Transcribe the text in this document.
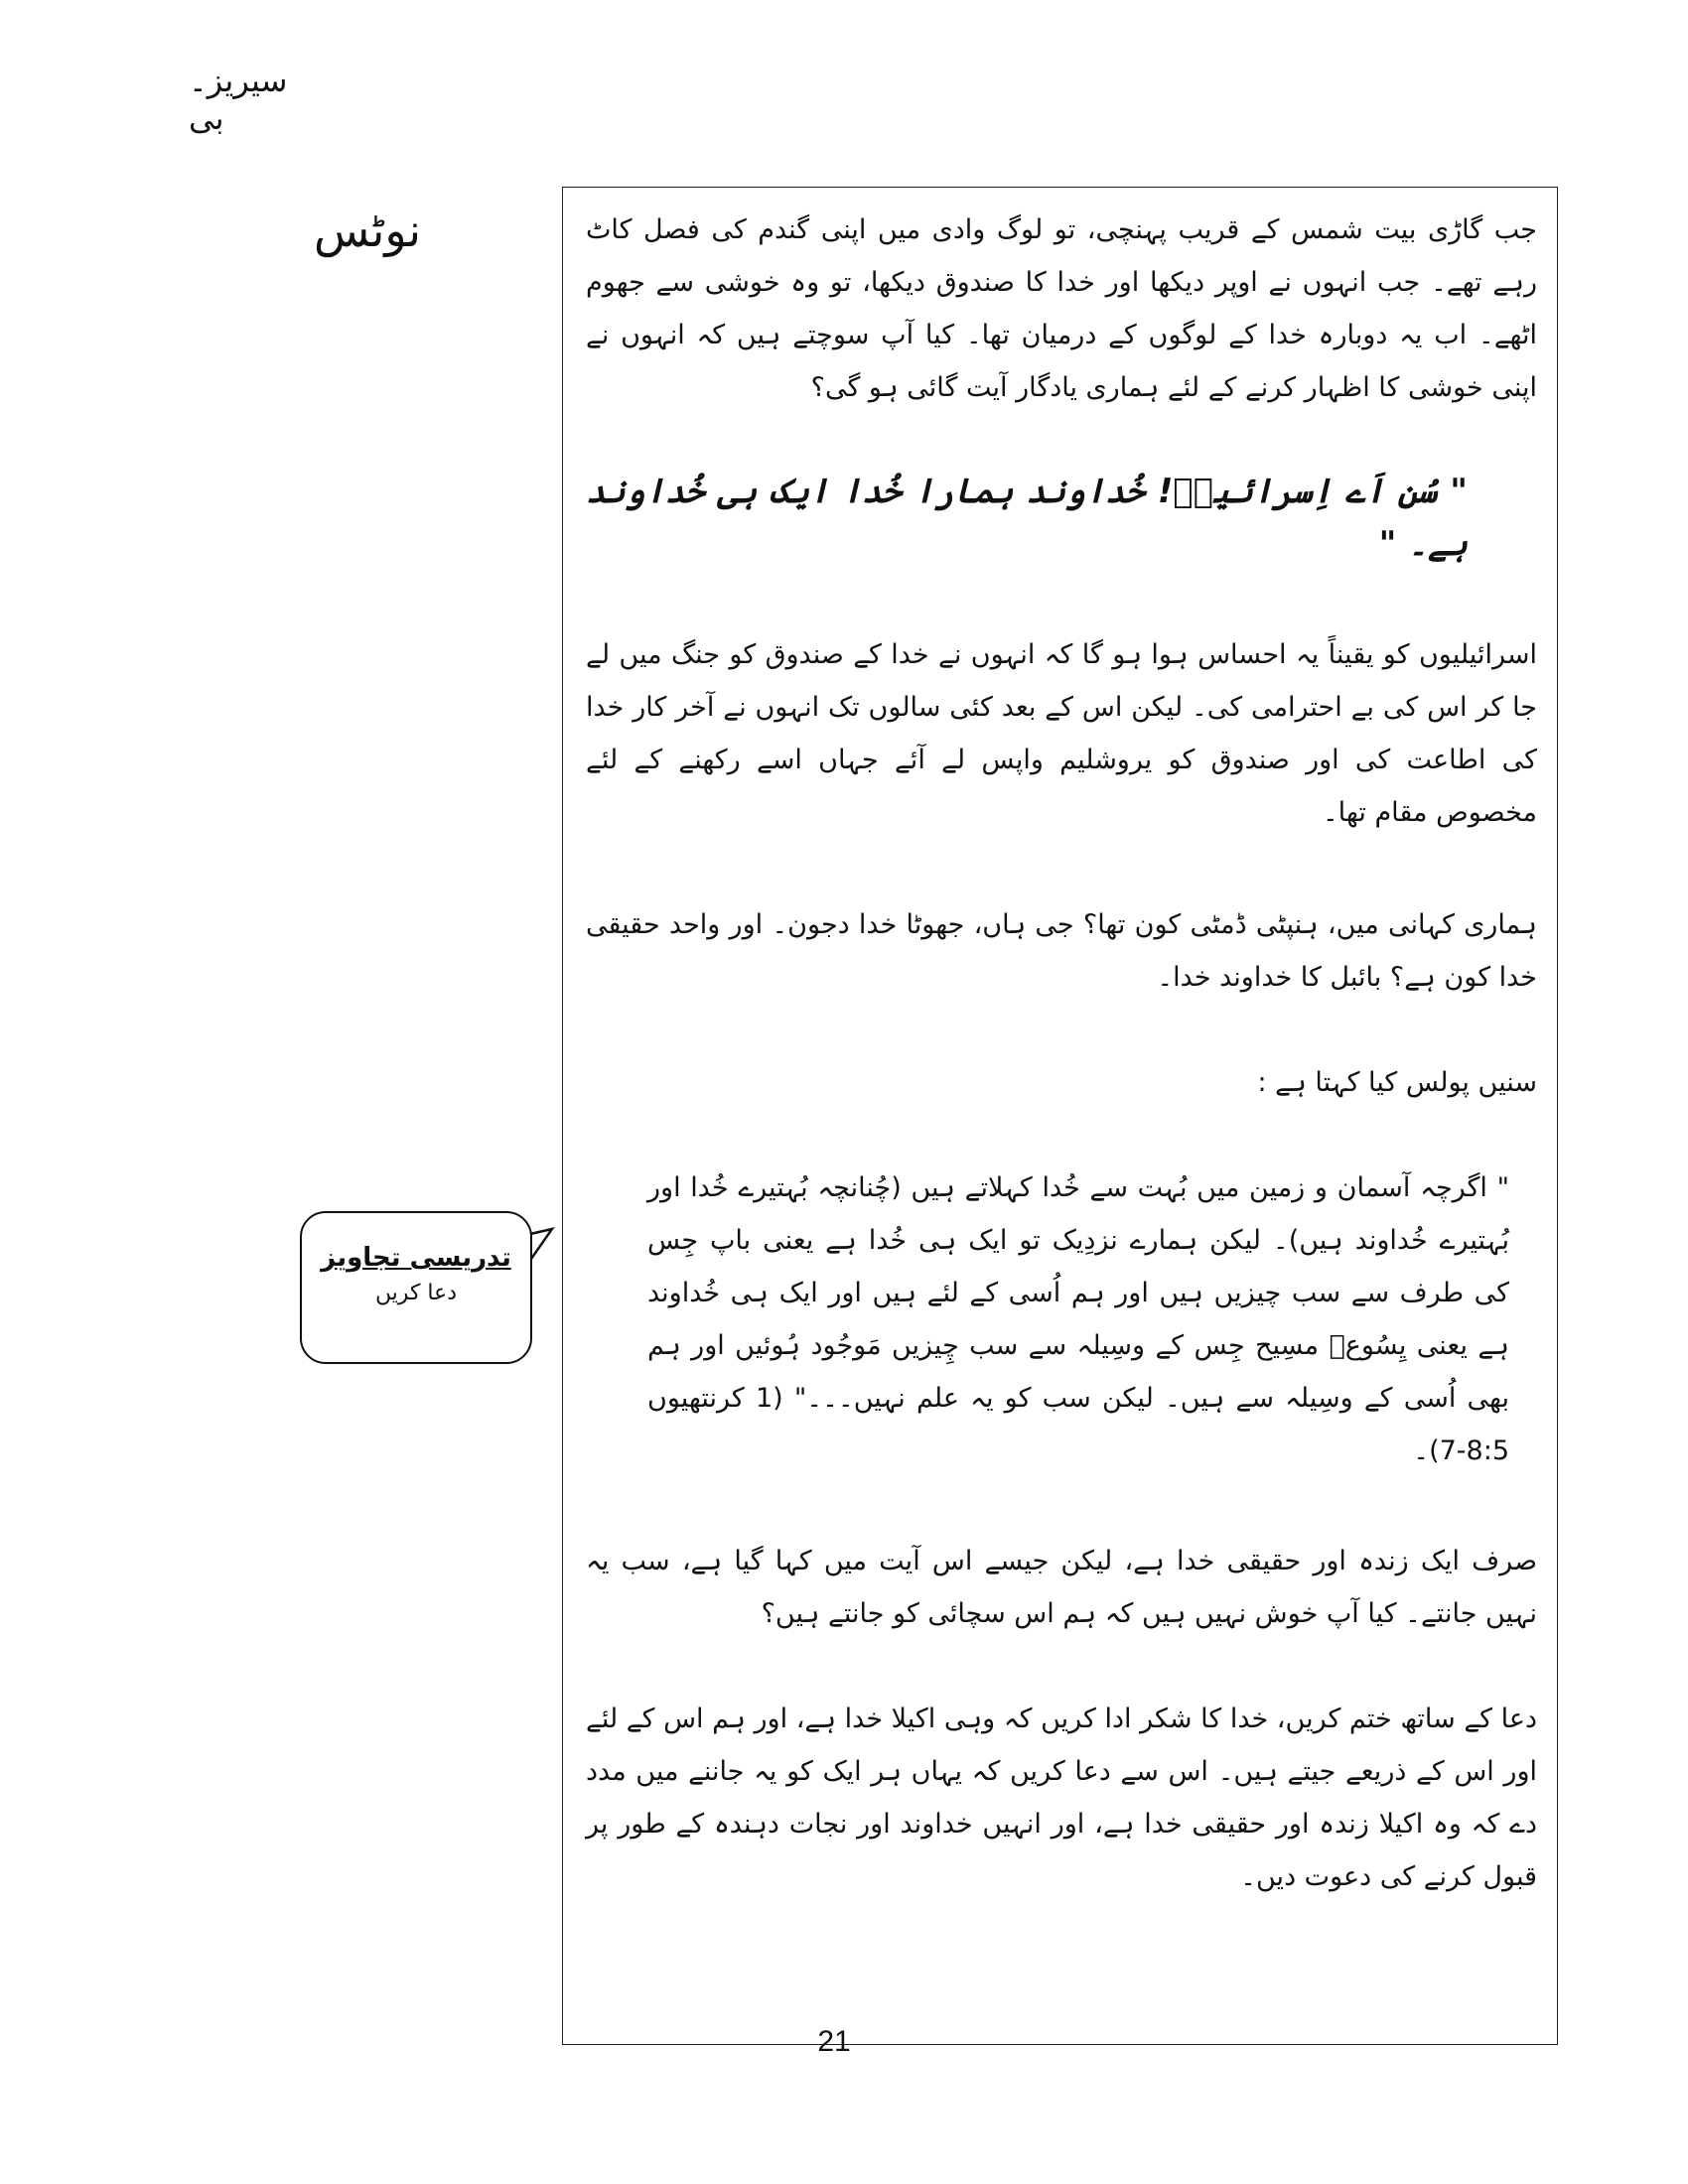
سیریز۔بی
نوٹس	جب گاڑی بیت شمس کے قریب پہنچی، تو لوگ وادی میں اپنی گندم کی فصل کاٹ رہے تھے۔ جب انہوں نے اوپر دیکھا اور خدا کا صندوق دیکھا، تو وہ خوشی سے جھوم اٹھے۔ اب یہ دوبارہ خدا کے لوگوں کے درمیان تھا۔ کیا آپ سوچتے ہیں کہ انہوں نے اپنی خوشی کا اظہار کرنے کے لئے ہماری یادگار آیت گائی ہو گی؟

" سُن اَے اِسرائیلؔ! خُداوند ہمارا خُدا ایک ہی خُداوند ہے۔ "

اسرائیلیوں کو یقیناً یہ احساس ہوا ہو گا کہ انہوں نے خدا کے صندوق کو جنگ میں لے جا کر اس کی بے احترامی کی۔ لیکن اس کے بعد کئی سالوں تک انہوں نے آخر کار خدا کی اطاعت کی اور صندوق کو یروشلیم واپس لے آئے جہاں اسے رکھنے کے لئے مخصوص مقام تھا۔

ہماری کہانی میں، ہنپٹی ڈمٹی کون تھا؟ جی ہاں، جھوٹا خدا دجون۔ اور واحد حقیقی خدا کون ہے؟ بائبل کا خداوند خدا۔

سنیں پولس کیا کہتا ہے :

" اگرچہ آسمان و زمین میں بُہت سے خُدا کہلاتے ہیں (چُنانچہ بُہتیرے خُدا اور بُہتیرے خُداوند ہیں)۔ لیکن ہمارے نزدِیک تو ایک ہی خُدا ہے یعنی باپ جِس کی طرف سے سب چیزیں ہیں اور ہم اُسی کے لئے ہیں اور ایک ہی خُداوند ہے یعنی یِسُوعؔ مسِیح جِس کے وسِیلہ سے سب چِیزیں مَوجُود ہُوئیں اور ہم بھی اُسی کے وسِیلہ سے ہیں۔ لیکن سب کو یہ علم نہیں۔۔۔" (1 کرنتھیوں 8:5-7)۔

صرف ایک زندہ اور حقیقی خدا ہے، لیکن جیسے اس آیت میں کہا گیا ہے، سب یہ نہیں جانتے۔ کیا آپ خوش نہیں ہیں کہ ہم اس سچائی کو جانتے ہیں؟

دعا کے ساتھ ختم کریں، خدا کا شکر ادا کریں کہ وہی اکیلا خدا ہے، اور ہم اس کے لئے اور اس کے ذریعے جیتے ہیں۔ اس سے دعا کریں کہ یہاں ہر ایک کو یہ جاننے میں مدد دے کہ وہ اکیلا زندہ اور حقیقی خدا ہے، اور انہیں خداوند اور نجات دہندہ کے طور پر قبول کرنے کی دعوت دیں۔

21
تدریسی تجاویز
دعا کریں
